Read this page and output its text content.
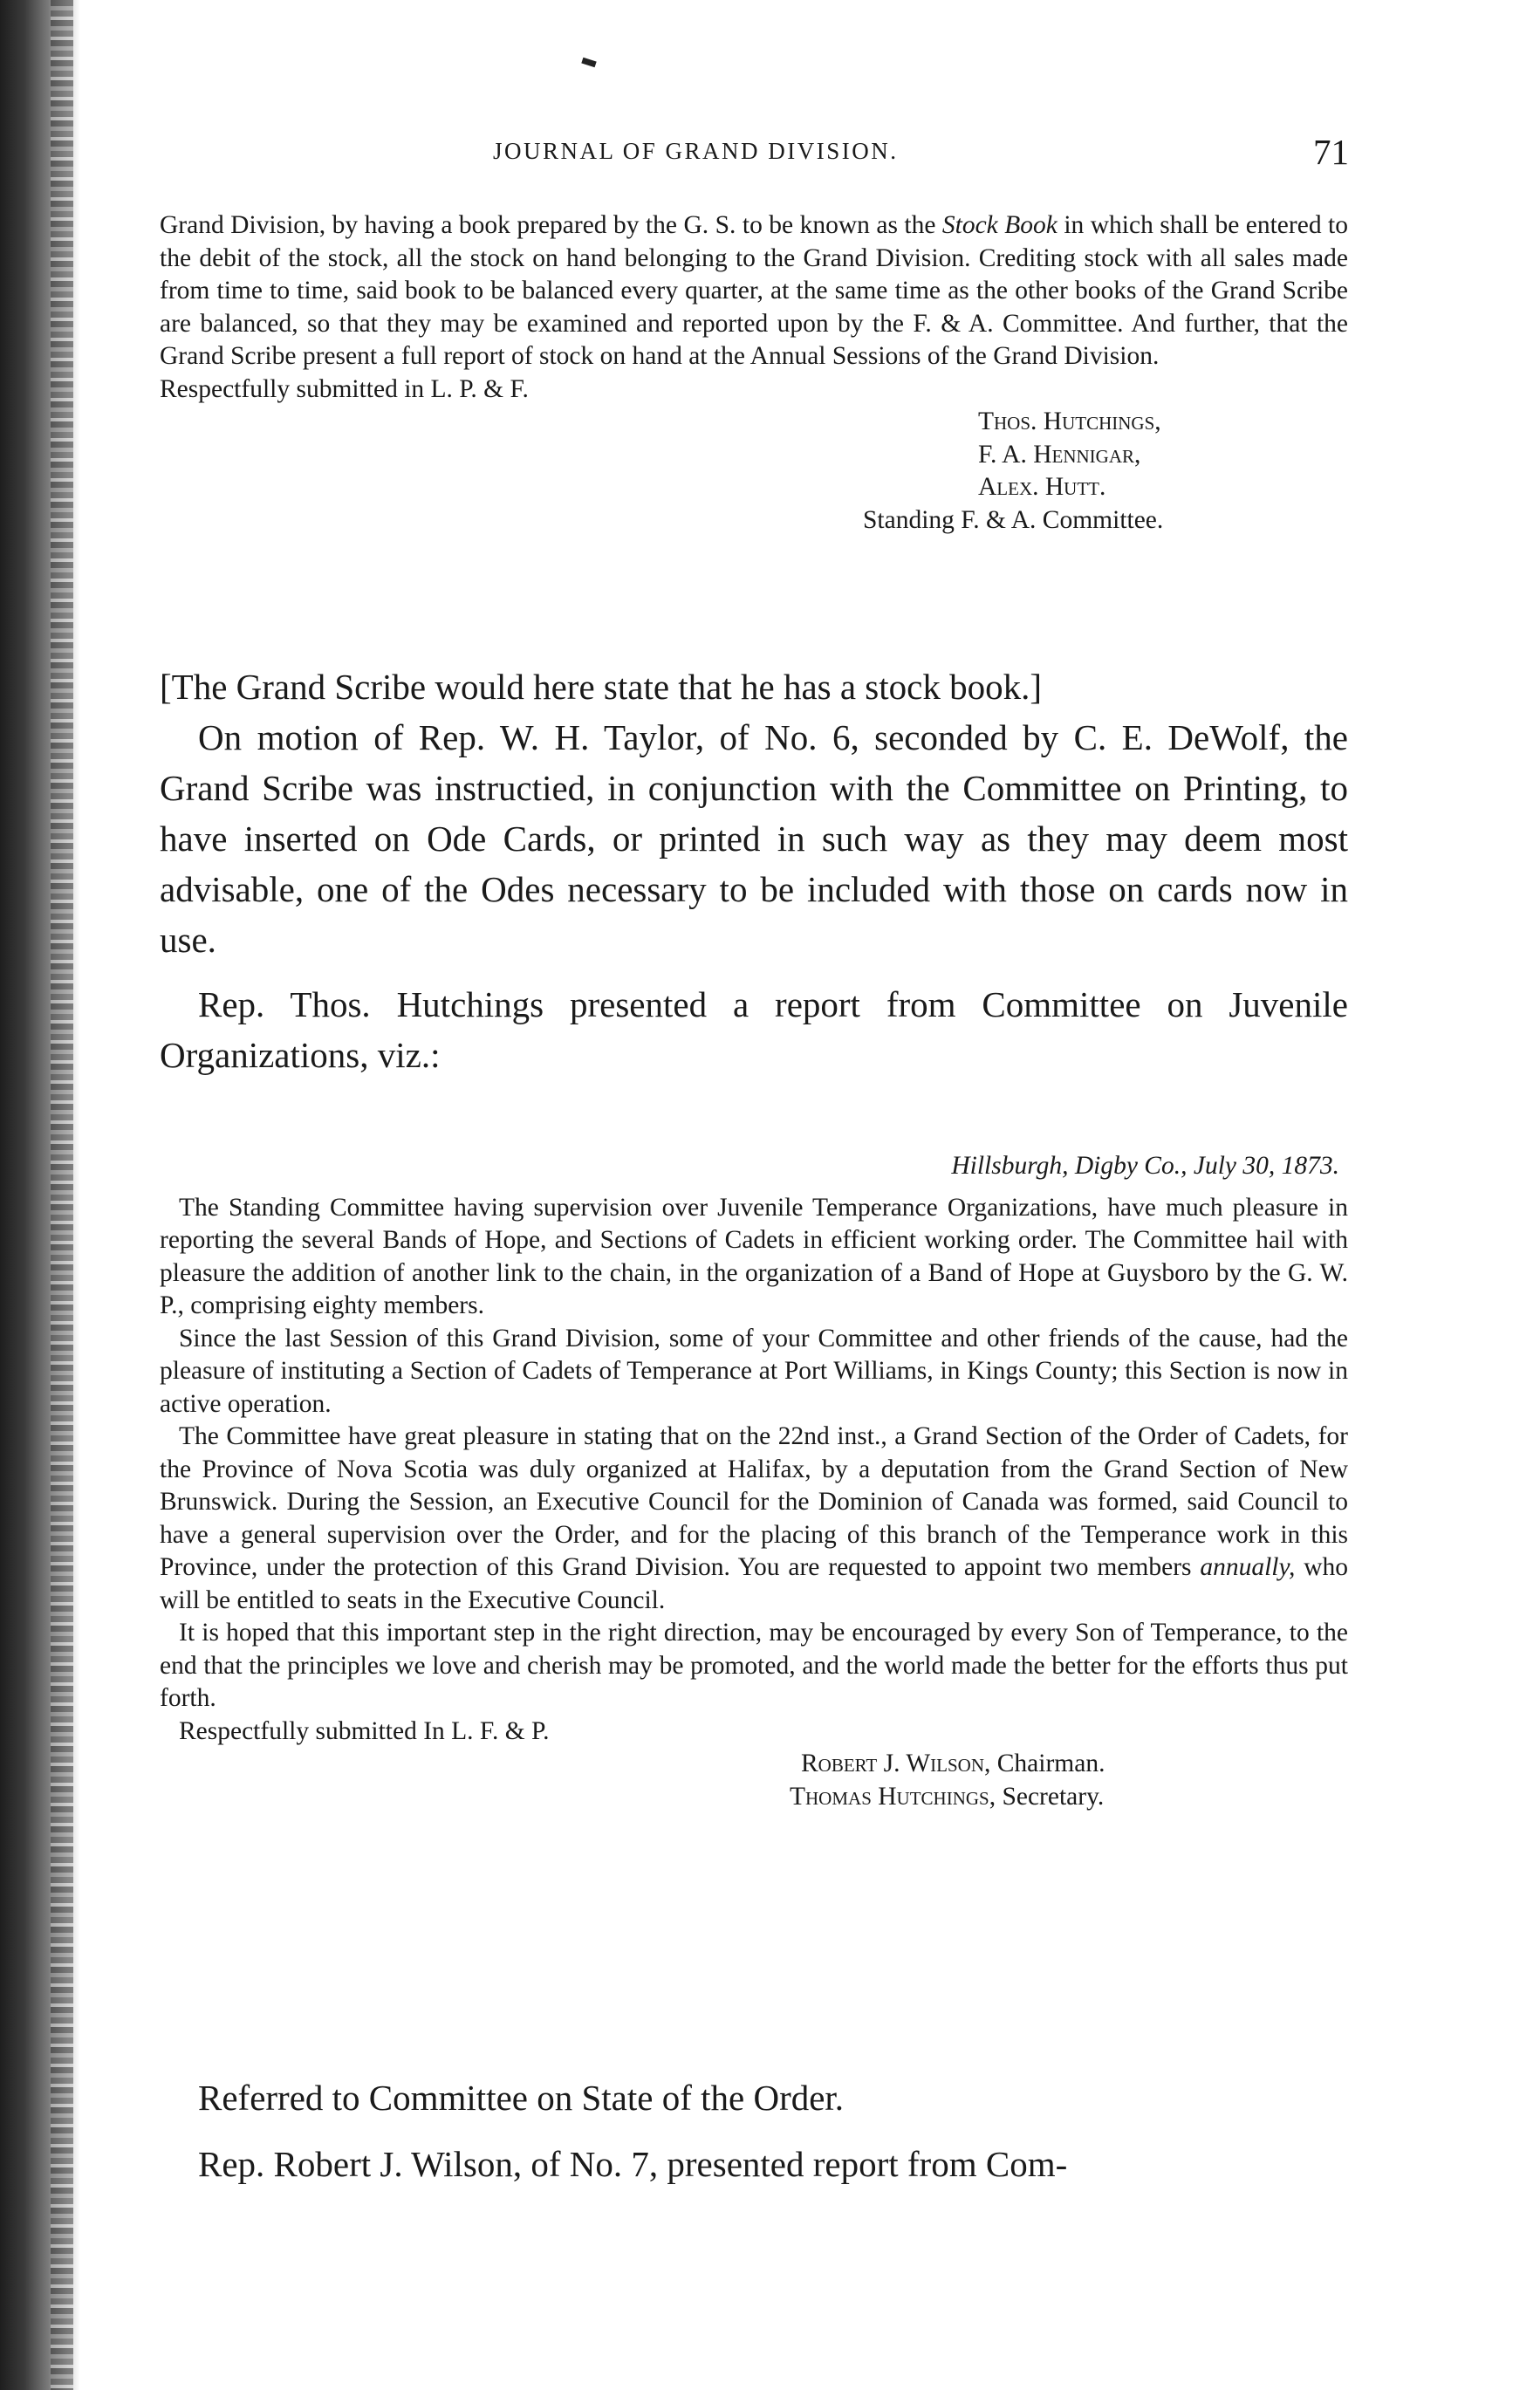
JOURNAL OF GRAND DIVISION.	71

Grand Division, by having a book prepared by the G. S. to be known as the Stock Book in which shall be entered to the debit of the stock, all the stock on hand belonging to the Grand Division. Crediting stock with all sales made from time to time, said book to be balanced every quarter, at the same time as the other books of the Grand Scribe are balanced, so that they may be examined and reported upon by the F. & A. Committee. And further, that the Grand Scribe present a full report of stock on hand at the Annual Sessions of the Grand Division.

Respectfully submitted in L. P. & F.

Thos. Hutchings,

F. A. Hennigar,

Alex. Hutt.

Standing F. & A. Committee.

[The Grand Scribe would here state that he has a stock book.]

On motion of Rep. W. H. Taylor, of No. 6, seconded by C. E. DeWolf, the Grand Scribe was instructied, in conjunction with the Committee on Printing, to have inserted on Ode Cards, or printed in such way as they may deem most advisable, one of the Odes necessary to be included with those on cards now in use.

Rep. Thos. Hutchings presented a report from Committee on Juvenile Organizations, viz.:

Hillsburgh, Digby Co., July 30, 1873.

The Standing Committee having supervision over Juvenile Temperance Organizations, have much pleasure in reporting the several Bands of Hope, and Sections of Cadets in efficient working order. The Committee hail with pleasure the addition of another link to the chain, in the organization of a Band of Hope at Guysboro by the G. W. P., comprising eighty members.

Since the last Session of this Grand Division, some of your Committee and other friends of the cause, had the pleasure of instituting a Section of Cadets of Temperance at Port Williams, in Kings County; this Section is now in active operation.

The Committee have great pleasure in stating that on the 22nd inst., a Grand Section of the Order of Cadets, for the Province of Nova Scotia was duly organized at Halifax, by a deputation from the Grand Section of New Brunswick. During the Session, an Executive Council for the Dominion of Canada was formed, said Council to have a general supervision over the Order, and for the placing of this branch of the Temperance work in this Province, under the protection of this Grand Division. You are requested to appoint two members annually, who will be entitled to seats in the Executive Council.

It is hoped that this important step in the right direction, may be encouraged by every Son of Temperance, to the end that the principles we love and cherish may be promoted, and the world made the better for the efforts thus put forth.

Respectfully submitted In L. F. & P.

Robert J. Wilson, Chairman.

Thomas Hutchings, Secretary.

Referred to Committee on State of the Order.

Rep. Robert J. Wilson, of No. 7, presented report from Com-
